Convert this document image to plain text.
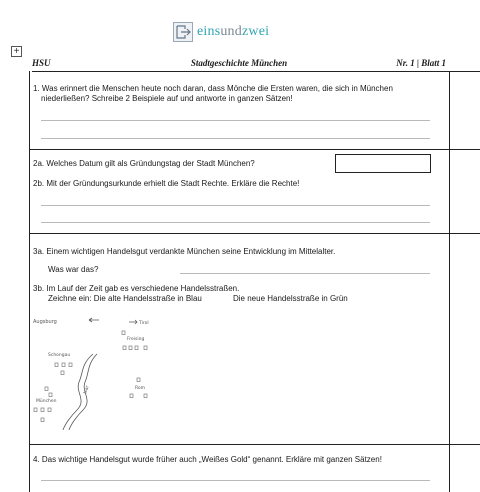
einsundzwei
+
HSU	Stadtgeschichte München	Nr. 1 | Blatt 1
1. Was erinnert die Menschen heute noch daran, dass Mönche die Ersten waren, die sich in München
niederließen? Schreibe 2 Beispiele auf und antworte in ganzen Sätzen!
2a. Welches Datum gilt als Gründungstag der Stadt München?
2b. Mit der Gründungsurkunde erhielt die Stadt Rechte. Erkläre die Rechte!
3a. Einem wichtigen Handelsgut verdankte München seine Entwicklung im Mittelalter.
Was war das?
3b. Im Lauf der Zeit gab es verschiedene Handelsstraßen.
Zeichne ein: Die alte Handelsstraße in Blau	Die neue Handelsstraße in Grün
Augsburg	Tirol
Freising
Schongau
Isar
München
Rom
4. Das wichtige Handelsgut wurde früher auch „Weißes Gold“ genannt. Erkläre mit ganzen Sätzen!
